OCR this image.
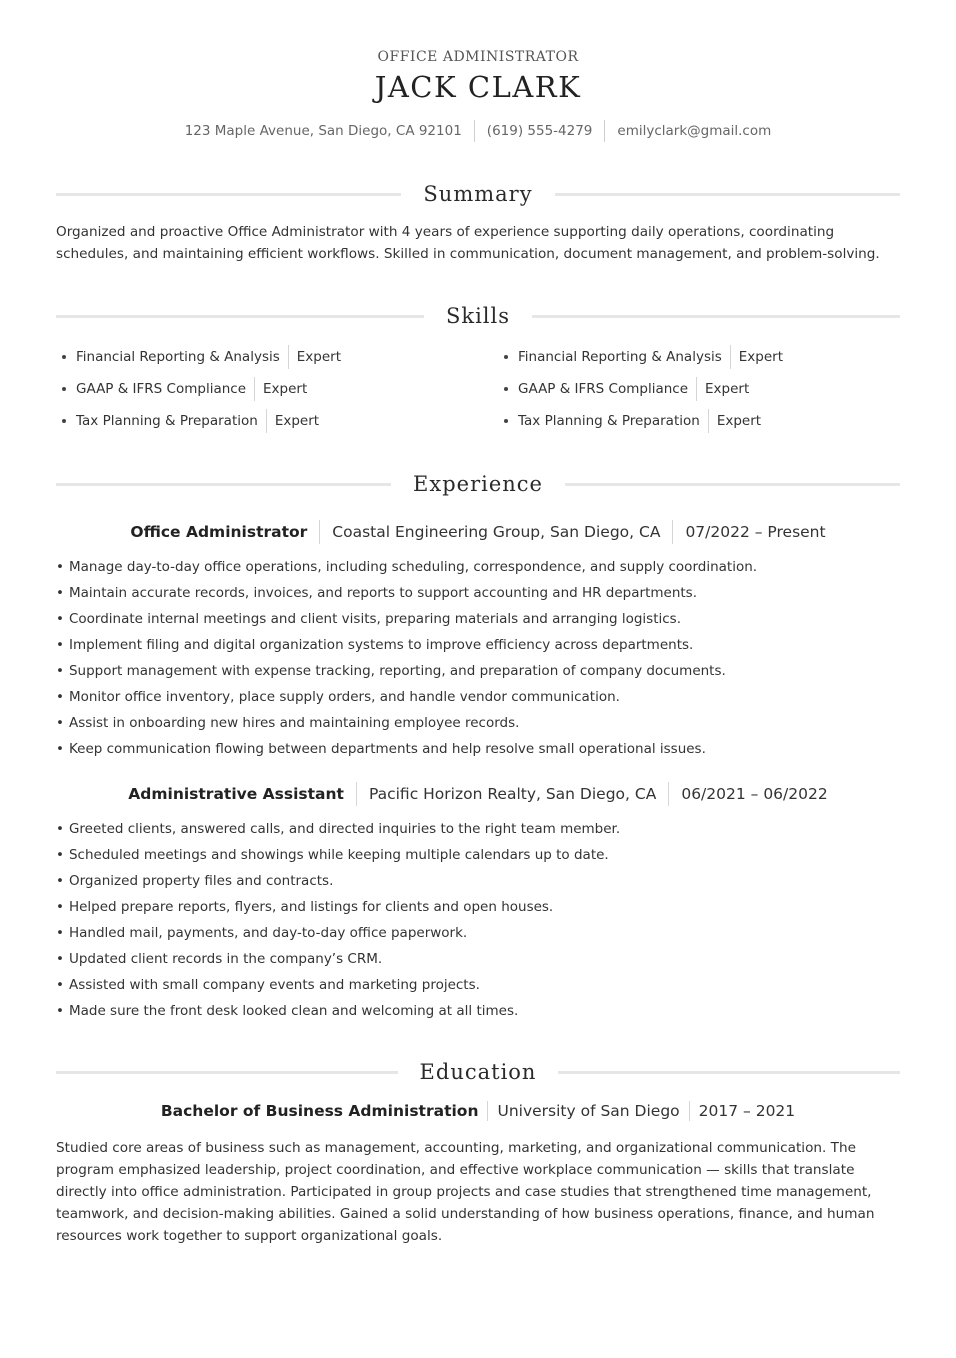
OFFICE ADMINISTRATOR
JACK CLARK
123 Maple Avenue, San Diego, CA 92101 (619) 555-4279 emilyclark@gmail.com
Summary
Organized and proactive Office Administrator with 4 years of experience supporting daily operations, coordinating schedules, and maintaining efficient workflows. Skilled in communication, document management, and problem-solving.
Skills
Financial Reporting & Analysis Expert
GAAP & IFRS Compliance Expert
Tax Planning & Preparation Expert
Financial Reporting & Analysis Expert
GAAP & IFRS Compliance Expert
Tax Planning & Preparation Expert
Experience
Office Administrator Coastal Engineering Group, San Diego, CA 07/2022 – Present
• Manage day-to-day office operations, including scheduling, correspondence, and supply coordination.
• Maintain accurate records, invoices, and reports to support accounting and HR departments.
• Coordinate internal meetings and client visits, preparing materials and arranging logistics.
• Implement filing and digital organization systems to improve efficiency across departments.
• Support management with expense tracking, reporting, and preparation of company documents.
• Monitor office inventory, place supply orders, and handle vendor communication.
• Assist in onboarding new hires and maintaining employee records.
• Keep communication flowing between departments and help resolve small operational issues.
Administrative Assistant Pacific Horizon Realty, San Diego, CA 06/2021 – 06/2022
• Greeted clients, answered calls, and directed inquiries to the right team member.
• Scheduled meetings and showings while keeping multiple calendars up to date.
• Organized property files and contracts.
• Helped prepare reports, flyers, and listings for clients and open houses.
• Handled mail, payments, and day-to-day office paperwork.
• Updated client records in the company’s CRM.
• Assisted with small company events and marketing projects.
• Made sure the front desk looked clean and welcoming at all times.
Education
Bachelor of Business Administration University of San Diego 2017 – 2021
Studied core areas of business such as management, accounting, marketing, and organizational communication. The program emphasized leadership, project coordination, and effective workplace communication — skills that translate directly into office administration. Participated in group projects and case studies that strengthened time management, teamwork, and decision-making abilities. Gained a solid understanding of how business operations, finance, and human resources work together to support organizational goals.
